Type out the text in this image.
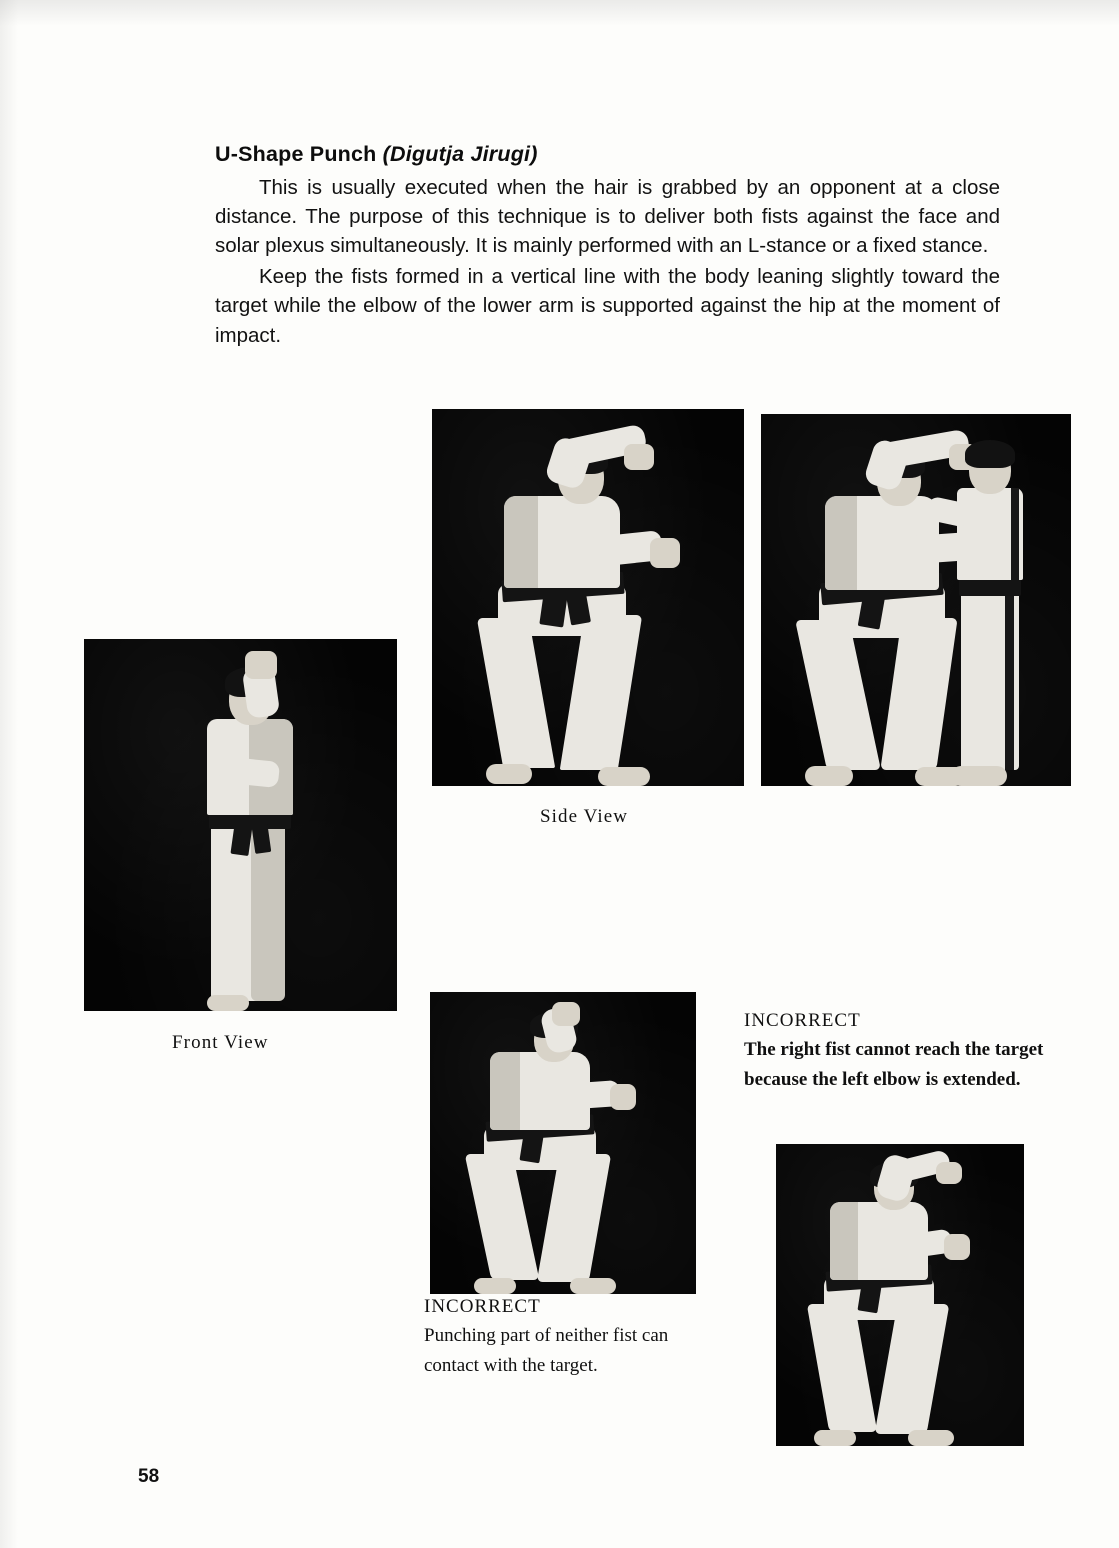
U-Shape Punch (Digutja Jirugi)

This is usually executed when the hair is grabbed by an opponent at a close distance. The purpose of this technique is to deliver both fists against the face and solar plexus simultaneously. It is mainly performed with an L-stance or a fixed stance.

Keep the fists formed in a vertical line with the body leaning slightly toward the target while the elbow of the lower arm is supported against the hip at the moment of impact.

Side View
Front View
INCORRECT
Punching part of neither fist can contact with the target.
INCORRECT
The right fist cannot reach the target because the left elbow is extended.
58
